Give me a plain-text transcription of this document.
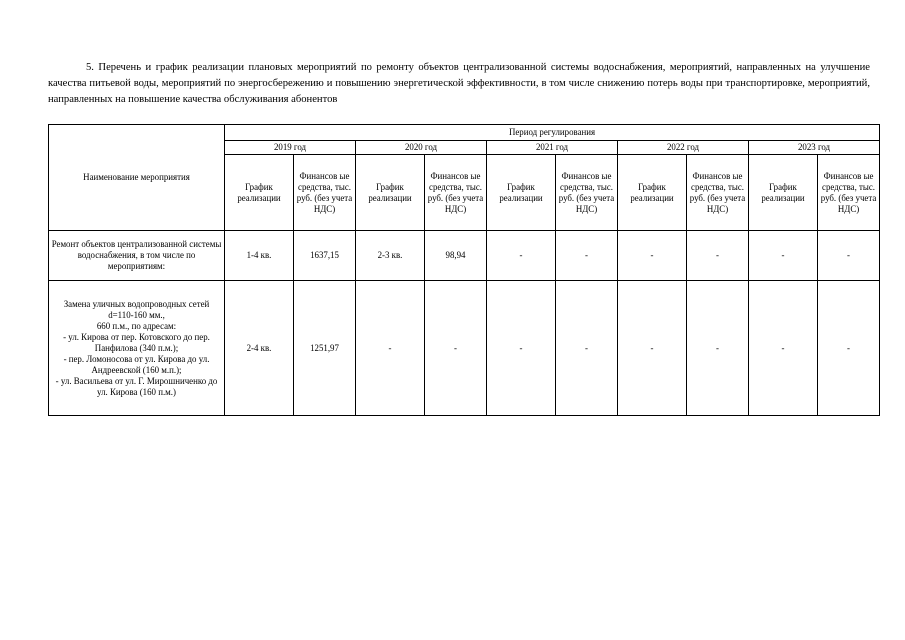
5. Перечень и график реализации плановых мероприятий по ремонту объектов централизованной системы водоснабжения, мероприятий, направленных на улучшение качества питьевой воды, мероприятий по энергосбережению и повышению энергетической эффективности, в том числе снижению потерь воды при транспортировке, мероприятий, направленных на повышение качества обслуживания абонентов
Наименование мероприятия	Период регулирования									
	2019 год		2020 год		2021 год		2022 год		2023 год	
	График реализации	Финансов ые средства, тыс. руб. (без учета НДС)	График реализации	Финансов ые средства, тыс. руб. (без учета НДС)	График реализации	Финансов ые средства, тыс. руб. (без учета НДС)	График реализации	Финансов ые средства, тыс. руб. (без учета НДС)	График реализации	Финансов ые средства, тыс. руб. (без учета НДС)
Ремонт объектов централизованной системы водоснабжения, в том числе по мероприятиям:	1-4 кв.	1637,15	2-3 кв.	98,94	-	-	-	-	-	-
Замена уличных водопроводных сетей d=110-160 мм.,
660 п.м., по адресам:
- ул. Кирова от пер. Котовского до пер. Панфилова (340 п.м.);
- пер. Ломоносова от ул. Кирова до ул. Андреевской (160 м.п.);
- ул. Васильева от ул. Г. Мирошниченко до ул. Кирова (160 п.м.)	2-4 кв.	1251,97	-	-	-	-	-	-	-	-
